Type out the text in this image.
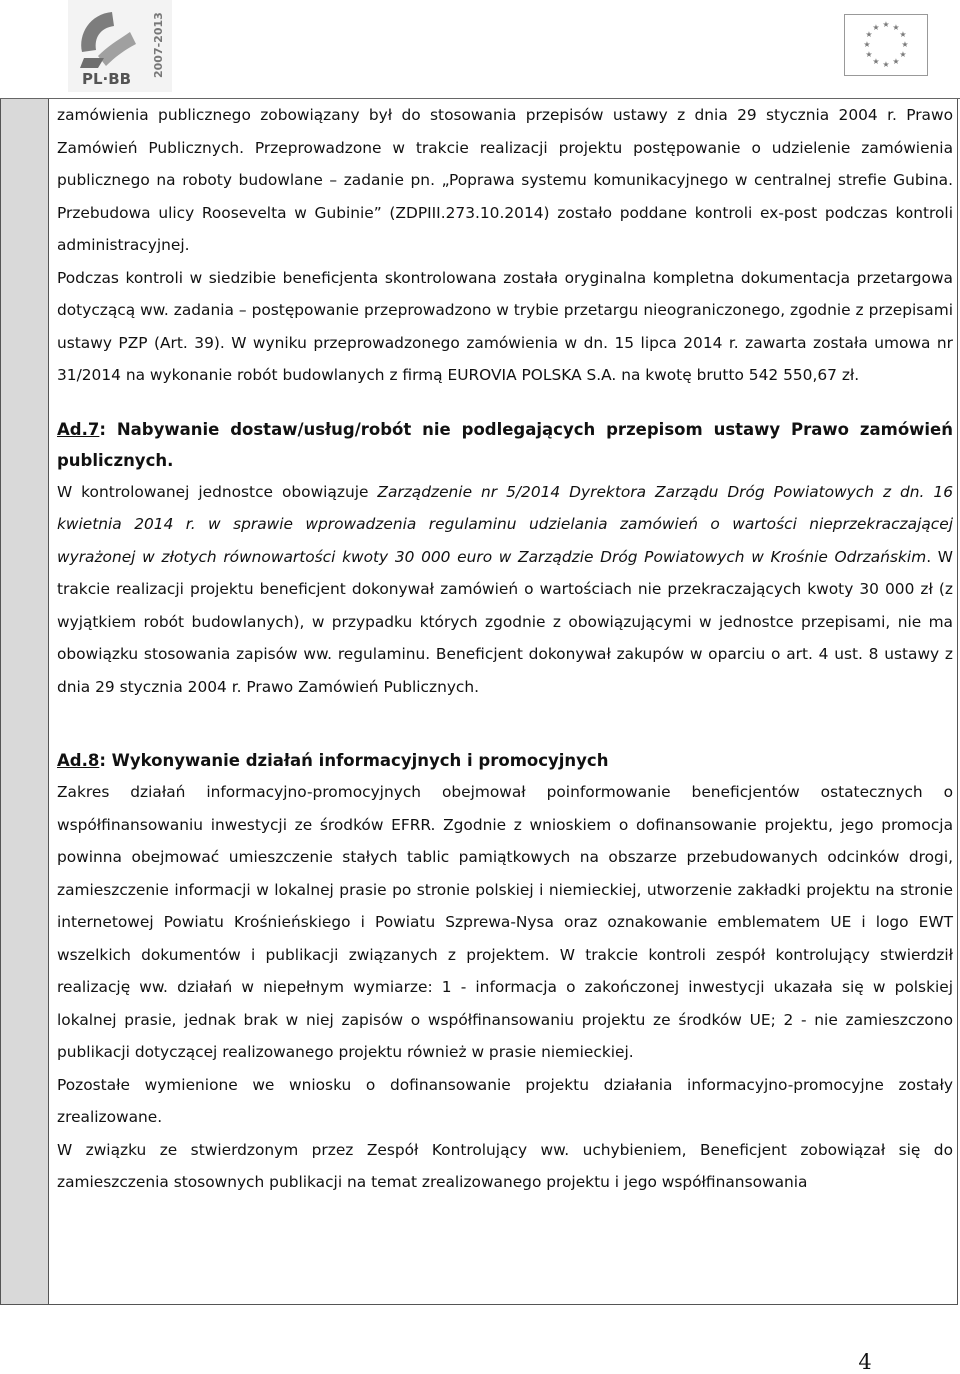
PL·BB
2007-2013	★ ★
★
★
★
★
★
★
★
★
★
★

zamówienia publicznego zobowiązany był do stosowania przepisów ustawy z dnia 29 stycznia 2004 r. Prawo Zamówień Publicznych. Przeprowadzone w trakcie realizacji projektu postępowanie o udzielenie zamówienia publicznego na roboty budowlane – zadanie pn. „Poprawa systemu komunikacyjnego w centralnej strefie Gubina. Przebudowa ulicy Roosevelta w Gubinie” (ZDPIII.273.10.2014) zostało poddane kontroli ex-post podczas kontroli administracyjnej.

Podczas kontroli w siedzibie beneficjenta skontrolowana została oryginalna kompletna dokumentacja przetargowa dotyczącą ww. zadania – postępowanie przeprowadzono w trybie przetargu nieograniczonego, zgodnie z przepisami ustawy PZP (Art. 39). W wyniku przeprowadzonego zamówienia w dn. 15 lipca 2014 r. zawarta została umowa nr 31/2014 na wykonanie robót budowlanych z firmą EUROVIA POLSKA S.A. na kwotę brutto 542 550,67 zł.

Ad.7: Nabywanie dostaw/usług/robót nie podlegających przepisom ustawy Prawo zamówień publicznych.

W kontrolowanej jednostce obowiązuje Zarządzenie nr 5/2014 Dyrektora Zarządu Dróg Powiatowych z dn. 16 kwietnia 2014 r. w sprawie wprowadzenia regulaminu udzielania zamówień o wartości nieprzekraczającej wyrażonej w złotych równowartości kwoty 30 000 euro w Zarządzie Dróg Powiatowych w Krośnie Odrzańskim. W trakcie realizacji projektu beneficjent dokonywał zamówień o wartościach nie przekraczających kwoty 30 000 zł (z wyjątkiem robót budowlanych), w przypadku których zgodnie z obowiązującymi w jednostce przepisami, nie ma obowiązku stosowania zapisów ww. regulaminu. Beneficjent dokonywał zakupów w oparciu o art. 4 ust. 8 ustawy z dnia 29 stycznia 2004 r. Prawo Zamówień Publicznych.

Ad.8: Wykonywanie działań informacyjnych i promocyjnych

Zakres działań informacyjno-promocyjnych obejmował poinformowanie beneficjentów ostatecznych o współfinansowaniu inwestycji ze środków EFRR. Zgodnie z wnioskiem o dofinansowanie projektu, jego promocja powinna obejmować umieszczenie stałych tablic pamiątkowych na obszarze przebudowanych odcinków drogi, zamieszczenie informacji w lokalnej prasie po stronie polskiej i niemieckiej, utworzenie zakładki projektu na stronie internetowej Powiatu Krośnieńskiego i Powiatu Szprewa-Nysa oraz oznakowanie emblematem UE i logo EWT wszelkich dokumentów i publikacji związanych z projektem. W trakcie kontroli zespół kontrolujący stwierdził realizację ww. działań w niepełnym wymiarze: 1 - informacja o zakończonej inwestycji ukazała się w polskiej lokalnej prasie, jednak brak w niej zapisów o współfinansowaniu projektu ze środków UE; 2 - nie zamieszczono publikacji dotyczącej realizowanego projektu również w prasie niemieckiej.

Pozostałe wymienione we wniosku o dofinansowanie projektu działania informacyjno-promocyjne zostały zrealizowane.

W związku ze stwierdzonym przez Zespół Kontrolujący ww. uchybieniem, Beneficjent zobowiązał się do zamieszczenia stosownych publikacji na temat zrealizowanego projektu i jego współfinansowania

4
